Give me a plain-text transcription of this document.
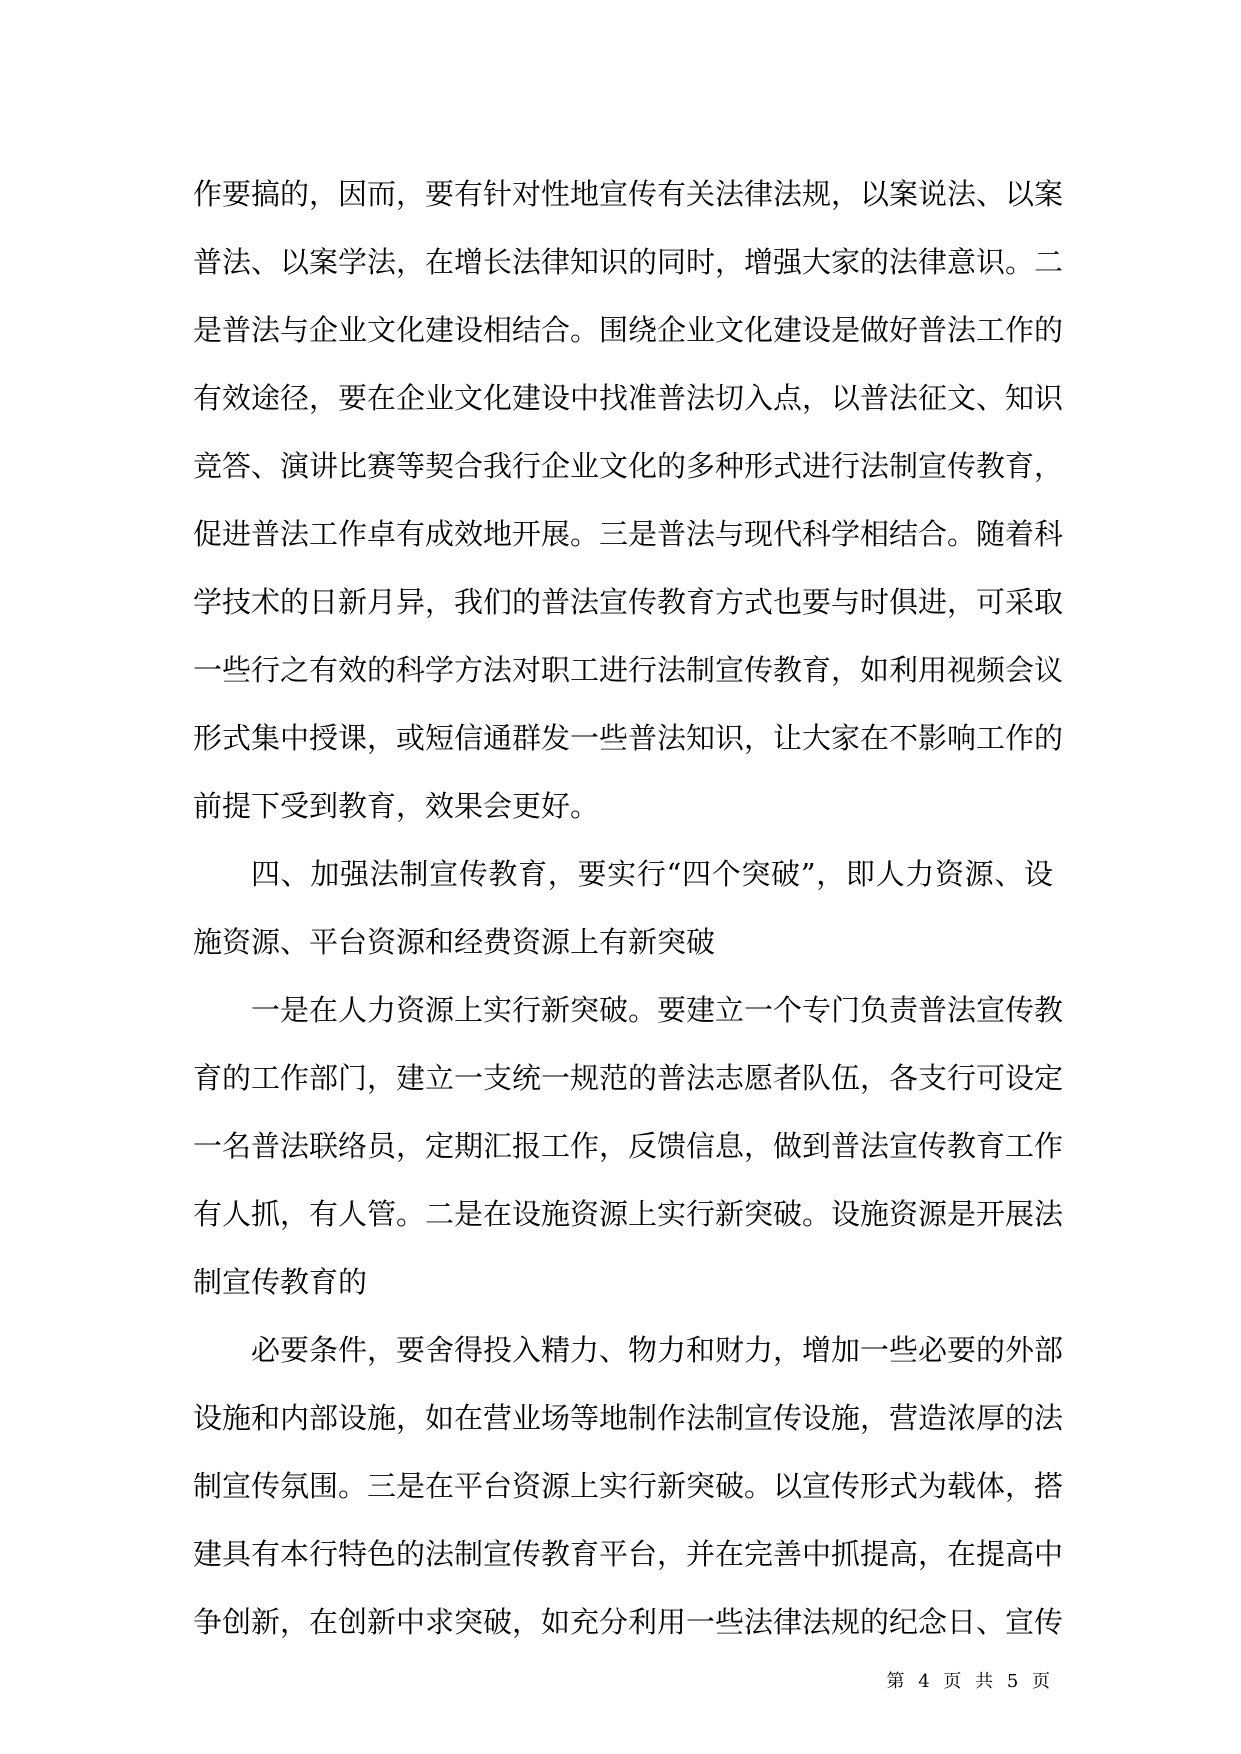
作要搞的，因而，要有针对性地宣传有关法律法规，以案说法、以案
普法、以案学法，在增长法律知识的同时，增强大家的法律意识。二
是普法与企业文化建设相结合。围绕企业文化建设是做好普法工作的
有效途径，要在企业文化建设中找准普法切入点，以普法征文、知识
竞答、演讲比赛等契合我行企业文化的多种形式进行法制宣传教育，
促进普法工作卓有成效地开展。三是普法与现代科学相结合。随着科
学技术的日新月异，我们的普法宣传教育方式也要与时俱进，可采取
一些行之有效的科学方法对职工进行法制宣传教育，如利用视频会议
形式集中授课，或短信通群发一些普法知识，让大家在不影响工作的
前提下受到教育，效果会更好。
四、加强法制宣传教育，要实行“四个突破”，即人力资源、设
施资源、平台资源和经费资源上有新突破
一是在人力资源上实行新突破。要建立一个专门负责普法宣传教
育的工作部门，建立一支统一规范的普法志愿者队伍，各支行可设定
一名普法联络员，定期汇报工作，反馈信息，做到普法宣传教育工作
有人抓，有人管。二是在设施资源上实行新突破。设施资源是开展法
制宣传教育的
必要条件，要舍得投入精力、物力和财力，增加一些必要的外部
设施和内部设施，如在营业场等地制作法制宣传设施，营造浓厚的法
制宣传氛围。三是在平台资源上实行新突破。以宣传形式为载体，搭
建具有本行特色的法制宣传教育平台，并在完善中抓提高，在提高中
争创新，在创新中求突破，如充分利用一些法律法规的纪念日、宣传
第 4 页 共 5 页
